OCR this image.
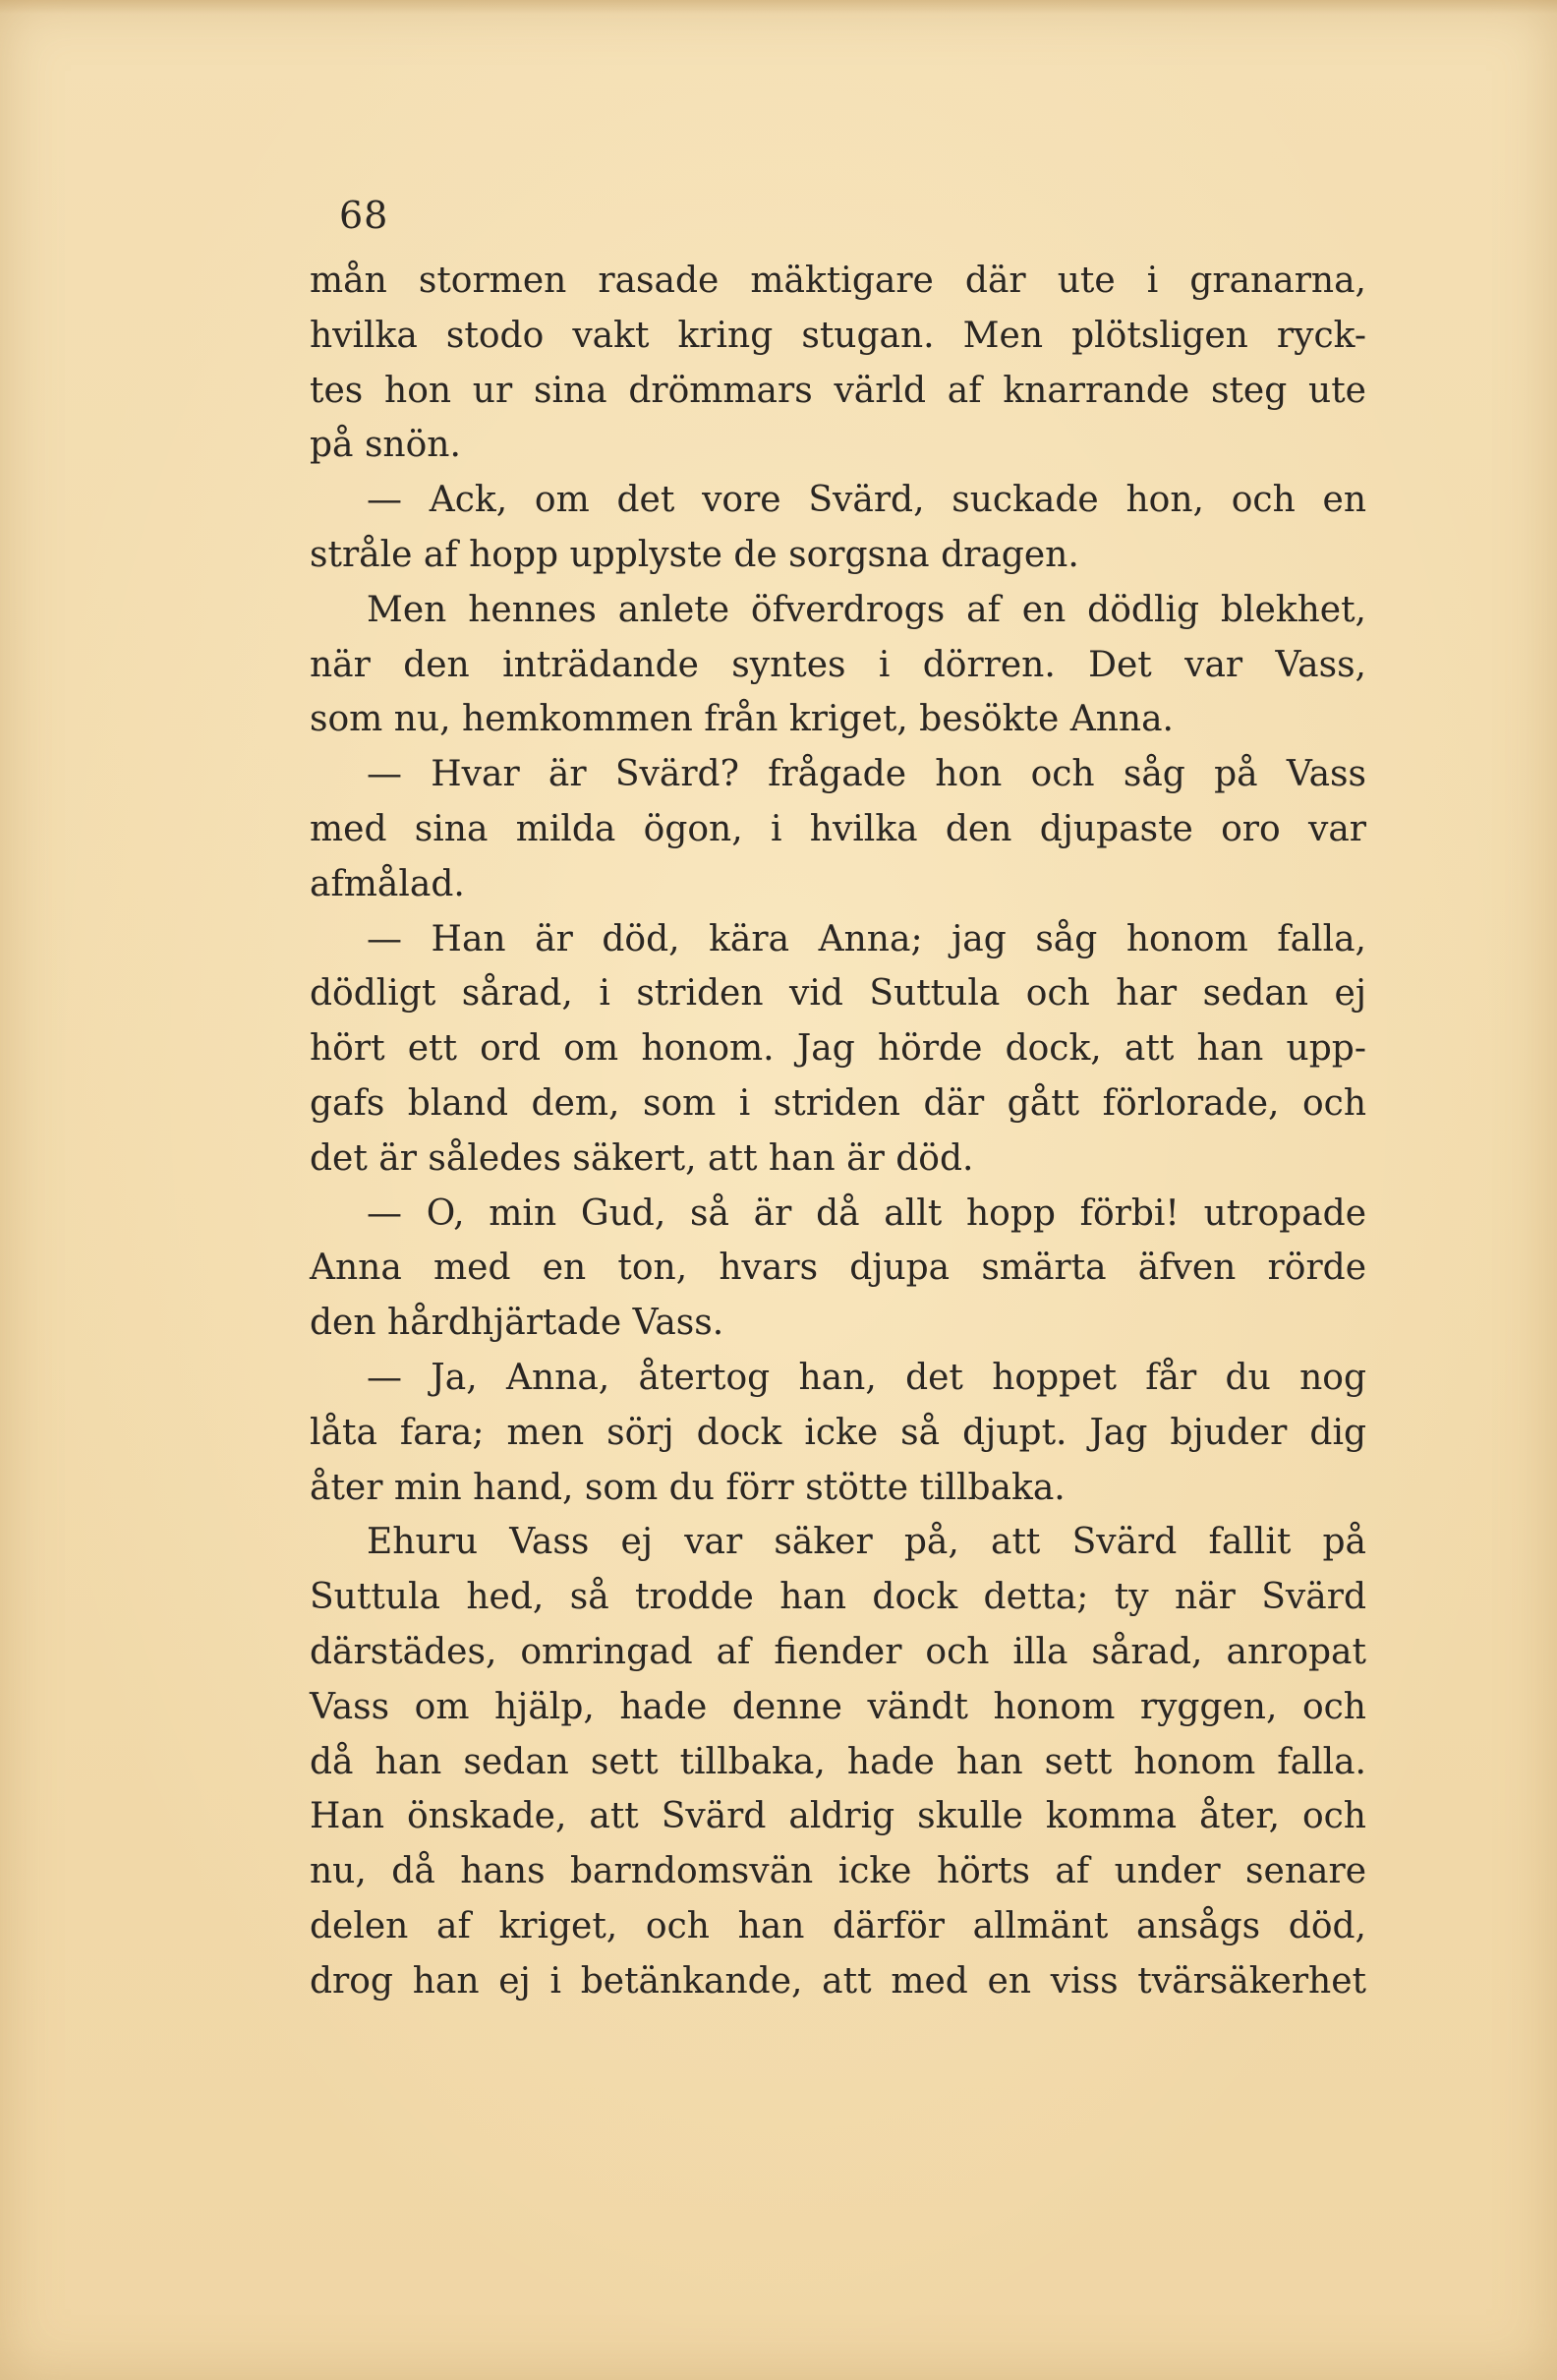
68
mån stormen rasade mäktigare där ute i granarna,
hvilka stodo vakt kring stugan. Men plötsligen ryck-
tes hon ur sina drömmars värld af knarrande steg ute
på snön.
— Ack, om det vore Svärd, suckade hon, och en
stråle af hopp upplyste de sorgsna dragen.
Men hennes anlete öfverdrogs af en dödlig blekhet,
när den inträdande syntes i dörren. Det var Vass,
som nu, hemkommen från kriget, besökte Anna.
— Hvar är Svärd? frågade hon och såg på Vass
med sina milda ögon, i hvilka den djupaste oro var
afmålad.
— Han är död, kära Anna; jag såg honom falla,
dödligt sårad, i striden vid Suttula och har sedan ej
hört ett ord om honom. Jag hörde dock, att han upp-
gafs bland dem, som i striden där gått förlorade, och
det är således säkert, att han är död.
— O, min Gud, så är då allt hopp förbi! utropade
Anna med en ton, hvars djupa smärta äfven rörde
den hårdhjärtade Vass.
— Ja, Anna, återtog han, det hoppet får du nog
låta fara; men sörj dock icke så djupt. Jag bjuder dig
åter min hand, som du förr stötte tillbaka.
Ehuru Vass ej var säker på, att Svärd fallit på
Suttula hed, så trodde han dock detta; ty när Svärd
därstädes, omringad af fiender och illa sårad, anropat
Vass om hjälp, hade denne vändt honom ryggen, och
då han sedan sett tillbaka, hade han sett honom falla.
Han önskade, att Svärd aldrig skulle komma åter, och
nu, då hans barndomsvän icke hörts af under senare
delen af kriget, och han därför allmänt ansågs död,
drog han ej i betänkande, att med en viss tvärsäkerhet
